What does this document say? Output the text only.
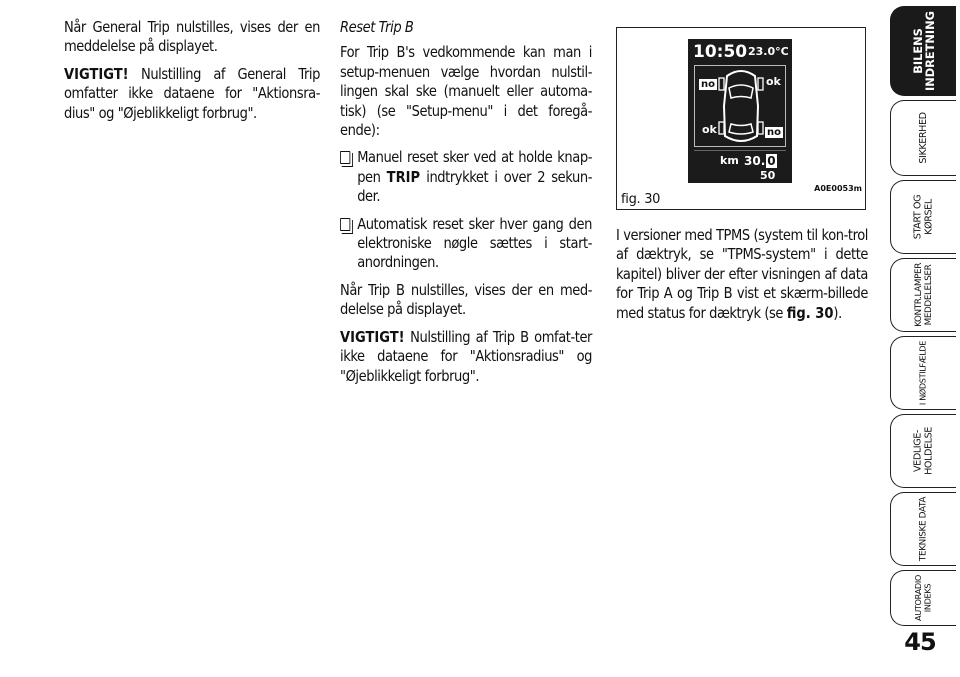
Når General Trip nulstilles, vises der en meddelelse på displayet.

VIGTIGT! Nulstilling af General Trip omfatter ikke dataene for "Aktionsra-dius" og "Øjeblikkeligt forbrug".

Reset Trip B

For Trip B's vedkommende kan man i setup-menuen vælge hvordan nulstil-lingen skal ske (manuelt eller automa-tisk) (se "Setup-menu" i det foregå-ende):

Manuel reset sker ved at holde knap-pen TRIP indtrykket i over 2 sekun-der.

Automatisk reset sker hver gang den elektroniske nøgle sættes i start-anordningen.

Når Trip B nulstilles, vises der en med-delelse på displayet.

VIGTIGT! Nulstilling af Trip B omfat-ter ikke dataene for "Aktionsradius" og "Øjeblikkeligt forbrug".

10:50 23.0°C
no	ok
ok	no
km 30. 0
50
A0E0053m
fig. 30

I versioner med TPMS (system til kon-trol af dæktryk, se "TPMS-system" i dette kapitel) bliver der efter visningen af data for Trip A og Trip B vist et skærm-billede med status for dæktryk (se fig. 30).

BILENS
INDRETNING
SIKKERHED
START OG
KØRSEL
KONTR.LAMPER
MEDDELELSER
I NØDSTILFÆLDE
VEDLIGE-
HOLDELSE
TEKNISKE DATA
AUTORADIO
INDEKS
45
